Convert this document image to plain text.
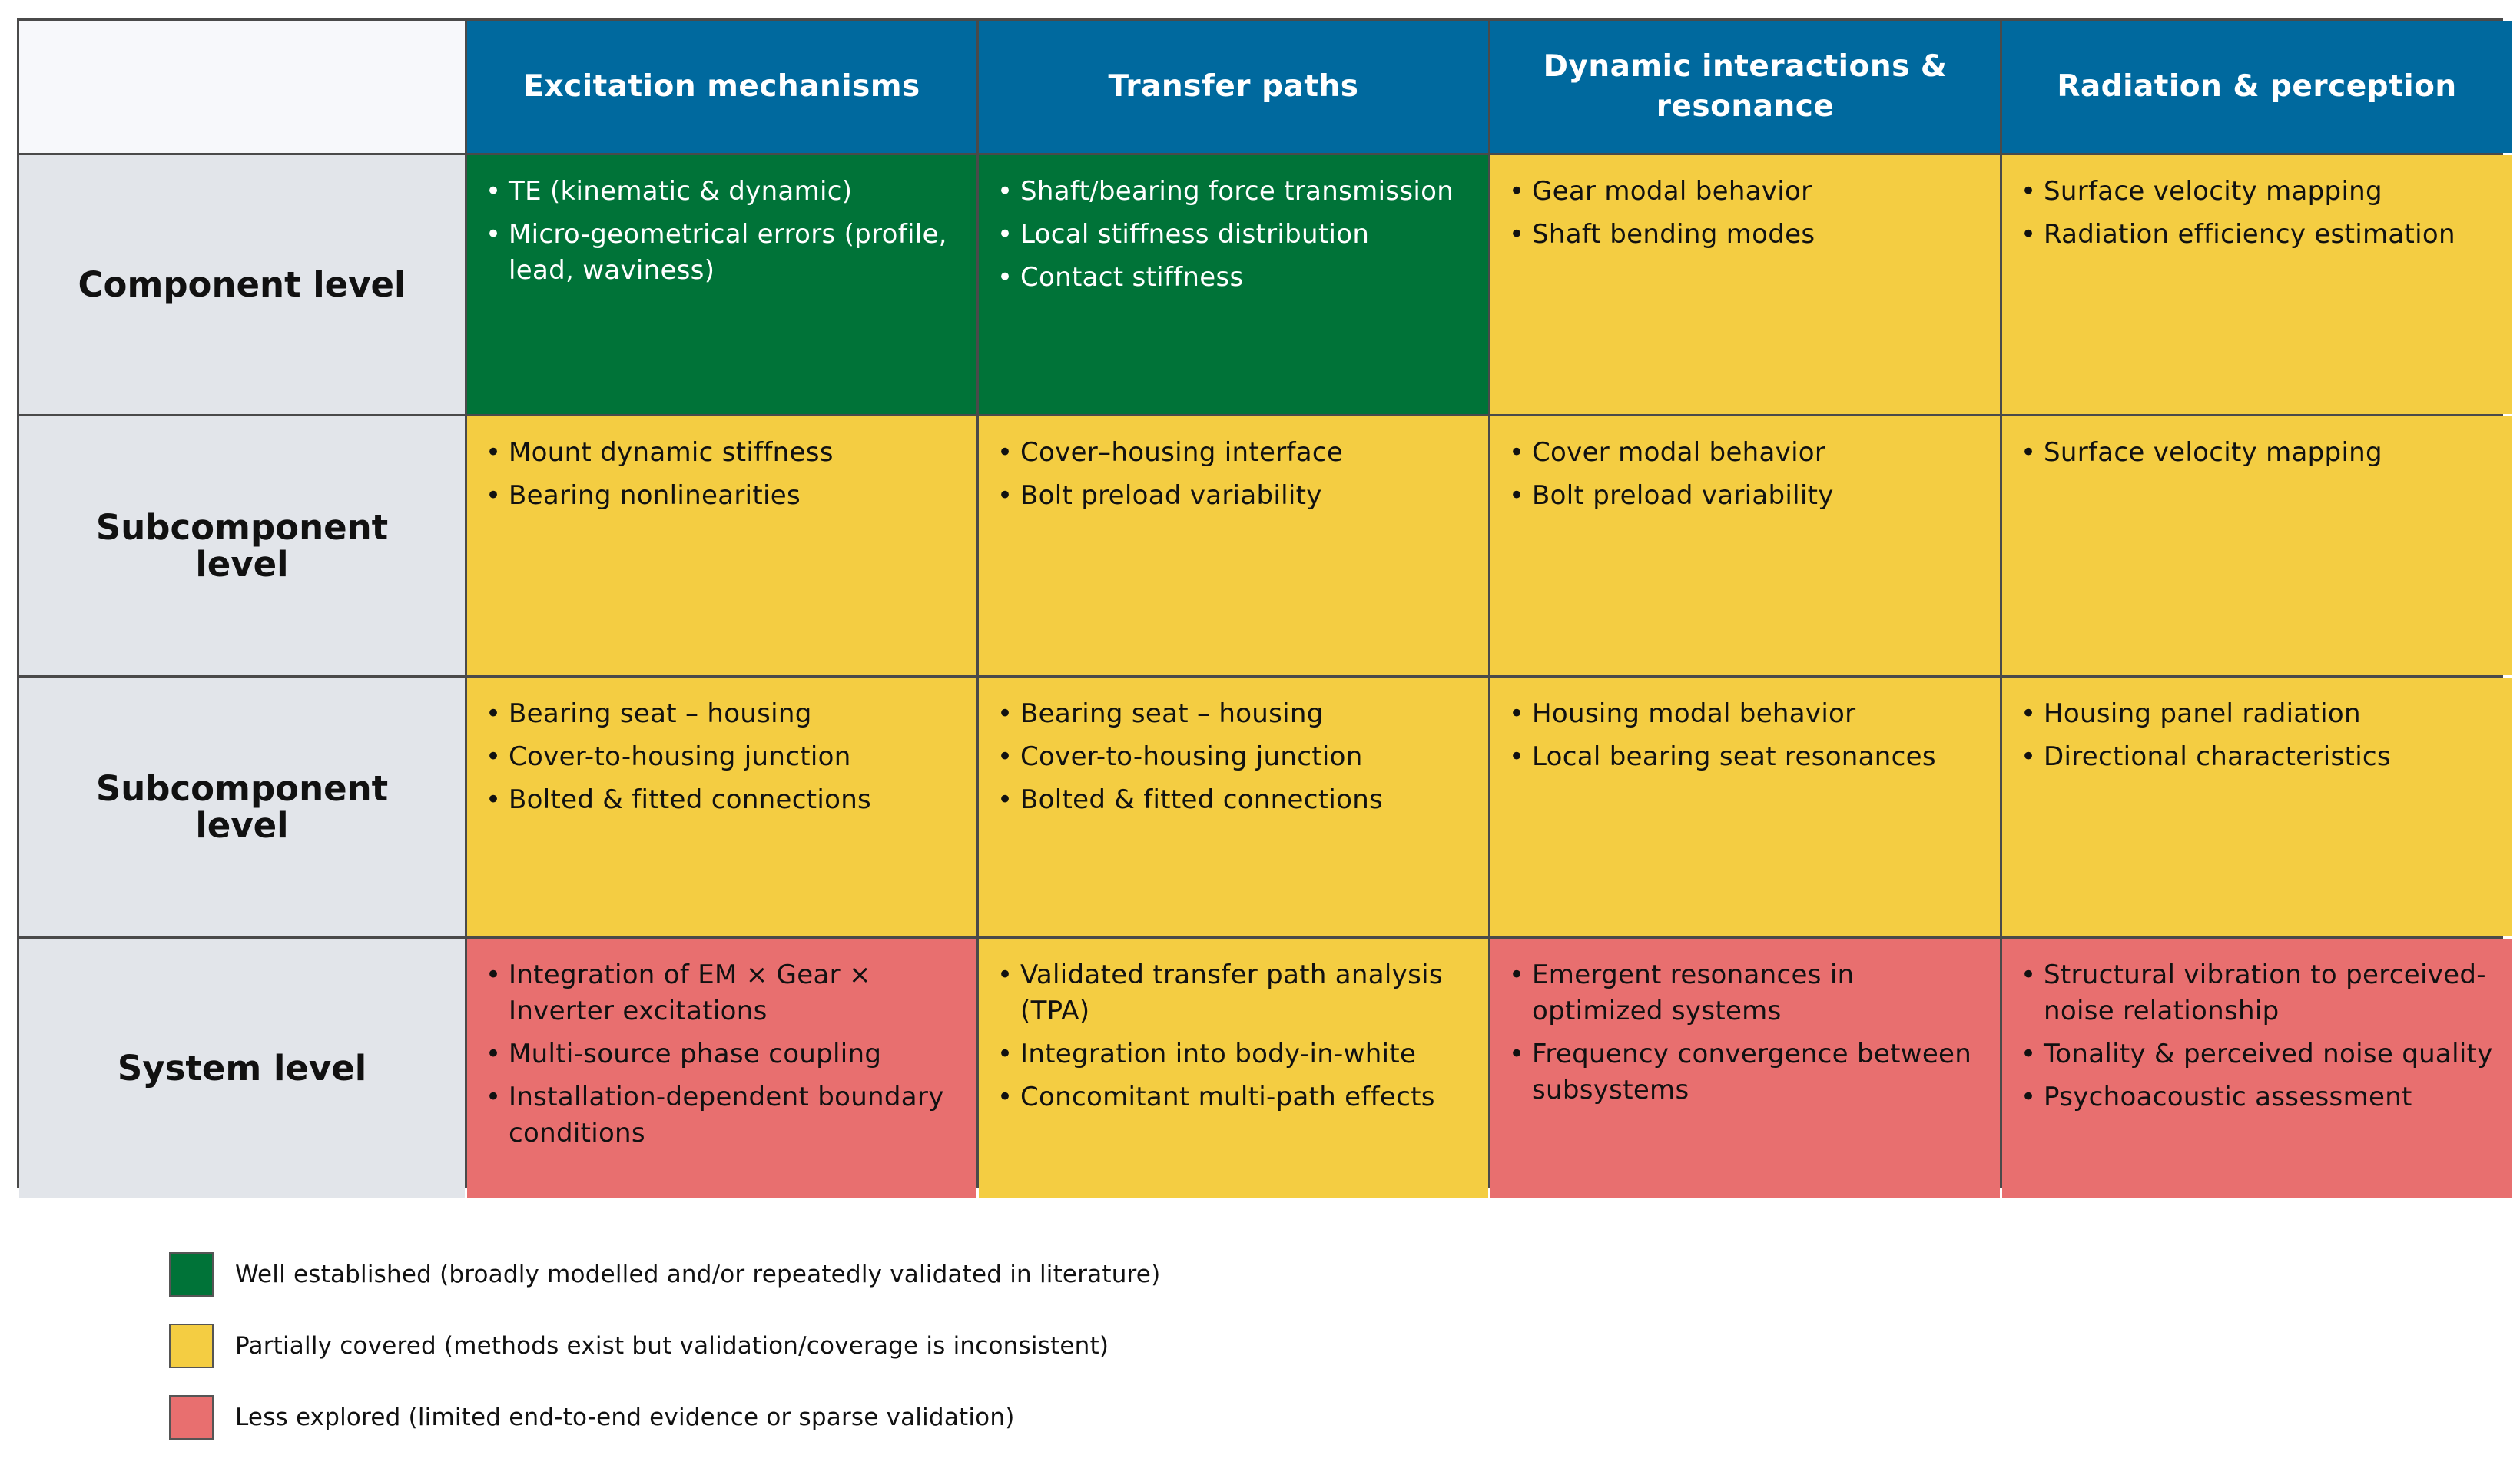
Excitation mechanisms	Transfer paths
Dynamic interactions & resonance
Radiation & perception
Component level
• TE (kinematic & dynamic)
• Micro-geometrical errors (profile, lead, waviness)
• Shaft/bearing force transmission
• Local stiffness distribution
• Contact stiffness
• Gear modal behavior
• Shaft bending modes
• Surface velocity mapping
• Radiation efficiency estimation
Subcomponent level
• Mount dynamic stiffness
• Bearing nonlinearities
• Cover–housing interface
• Bolt preload variability
• Cover modal behavior
• Bolt preload variability
• Surface velocity mapping
Subcomponent level
• Bearing seat – housing
• Cover-to-housing junction
• Bolted & fitted connections
• Bearing seat – housing
• Cover-to-housing junction
• Bolted & fitted connections
• Housing modal behavior
• Local bearing seat resonances
• Housing panel radiation
• Directional characteristics
System level
• Integration of EM × Gear × Inverter excitations
• Multi-source phase coupling
• Installation-dependent boundary conditions
• Validated transfer path analysis (TPA)
• Integration into body-in-white
• Concomitant multi-path effects
• Emergent resonances in optimized systems
• Frequency convergence between subsystems
• Structural vibration to perceived-noise relationship
• Tonality & perceived noise quality
• Psychoacoustic assessment
Well established (broadly modelled and/or repeatedly validated in literature)
Partially covered (methods exist but validation/coverage is inconsistent)
Less explored (limited end-to-end evidence or sparse validation)
